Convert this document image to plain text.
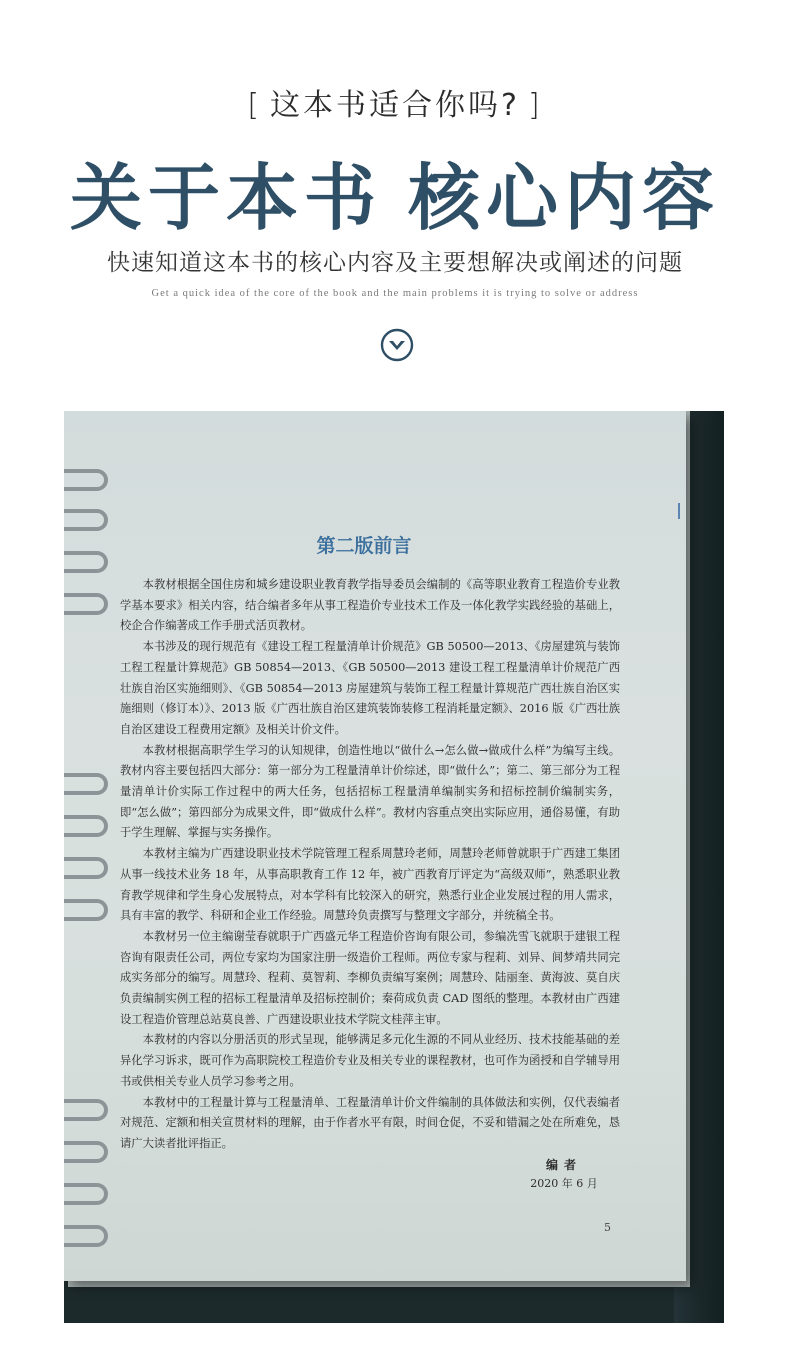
[ 这本书适合你吗? ]
关于本书 核心内容
快速知道这本书的核心内容及主要想解决或阐述的问题
Get a quick idea of the core of the book and the main problems it is trying to solve or address
第二版前言

本教材根据全国住房和城乡建设职业教育教学指导委员会编制的《高等职业教育工程造价专业教学基本要求》相关内容，结合编者多年从事工程造价专业技术工作及一体化教学实践经验的基础上，校企合作编著成工作手册式活页教材。

本书涉及的现行规范有《建设工程工程量清单计价规范》GB 50500—2013、《房屋建筑与装饰工程工程量计算规范》GB 50854—2013、《GB 50500—2013 建设工程工程量清单计价规范广西壮族自治区实施细则》、《GB 50854—2013 房屋建筑与装饰工程工程量计算规范广西壮族自治区实施细则（修订本）》、2013 版《广西壮族自治区建筑装饰装修工程消耗量定额》、2016 版《广西壮族自治区建设工程费用定额》及相关计价文件。

本教材根据高职学生学习的认知规律，创造性地以“做什么→怎么做→做成什么样”为编写主线。教材内容主要包括四大部分：第一部分为工程量清单计价综述，即“做什么”；第二、第三部分为工程量清单计价实际工作过程中的两大任务，包括招标工程量清单编制实务和招标控制价编制实务，即“怎么做”；第四部分为成果文件，即“做成什么样”。教材内容重点突出实际应用，通俗易懂，有助于学生理解、掌握与实务操作。

本教材主编为广西建设职业技术学院管理工程系周慧玲老师，周慧玲老师曾就职于广西建工集团从事一线技术业务 18 年，从事高职教育工作 12 年，被广西教育厅评定为“高级双师”，熟悉职业教育教学规律和学生身心发展特点，对本学科有比较深入的研究，熟悉行业企业发展过程的用人需求，具有丰富的教学、科研和企业工作经验。周慧玲负责撰写与整理文字部分，并统稿全书。

本教材另一位主编谢莹春就职于广西盛元华工程造价咨询有限公司，参编冼雪飞就职于建银工程咨询有限责任公司，两位专家均为国家注册一级造价工程师。两位专家与程莉、刘异、闾梦靖共同完成实务部分的编写。周慧玲、程莉、莫智莉、李柳负责编写案例；周慧玲、陆丽奎、黄海波、莫自庆负责编制实例工程的招标工程量清单及招标控制价；秦荷成负责 CAD 图纸的整理。本教材由广西建设工程造价管理总站莫良善、广西建设职业技术学院文桂萍主审。

本教材的内容以分册活页的形式呈现，能够满足多元化生源的不同从业经历、技术技能基础的差异化学习诉求，既可作为高职院校工程造价专业及相关专业的课程教材，也可作为函授和自学辅导用书或供相关专业人员学习参考之用。

本教材中的工程量计算与工程量清单、工程量清单计价文件编制的具体做法和实例，仅代表编者对规范、定额和相关宣贯材料的理解，由于作者水平有限，时间仓促，不妥和错漏之处在所难免，恳请广大读者批评指正。

编者
2020 年 6 月
5
